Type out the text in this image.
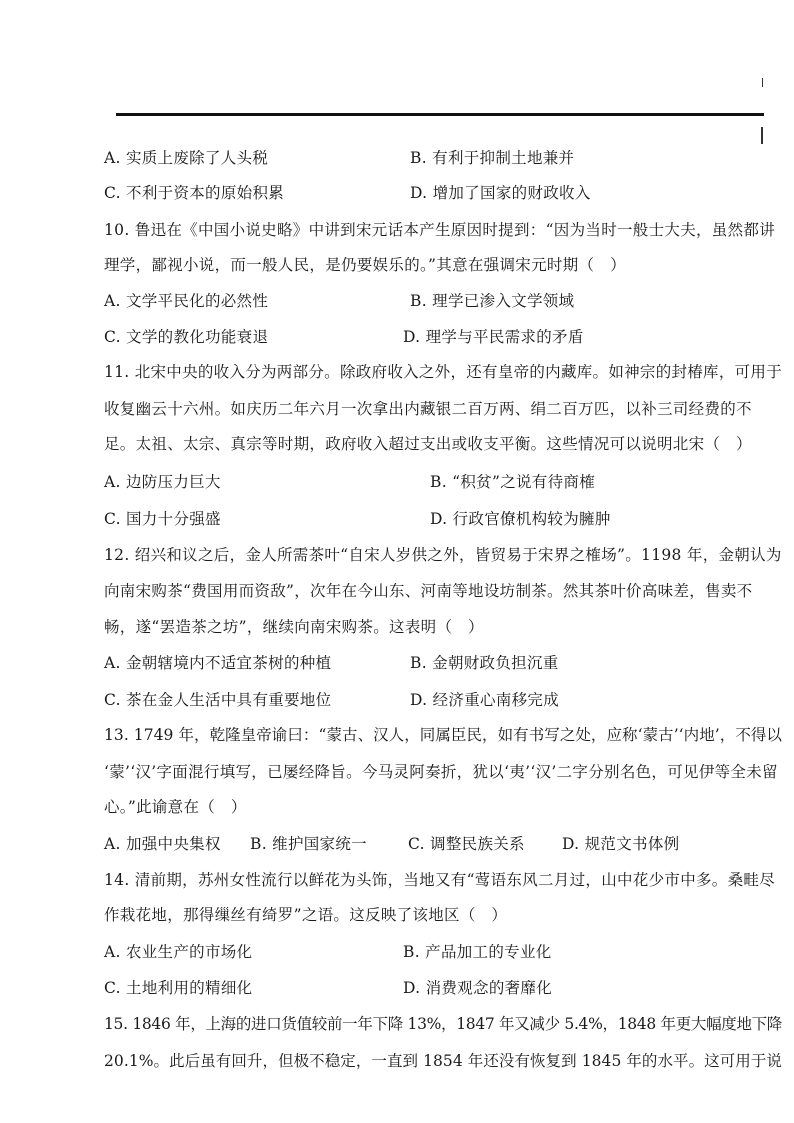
A. 实质上废除了人头税	B. 有利于抑制土地兼并
C. 不利于资本的原始积累	D. 增加了国家的财政收入
10. 鲁迅在《中国小说史略》中讲到宋元话本产生原因时提到：“因为当时一般士大夫，虽然都讲
理学，鄙视小说，而一般人民，是仍要娱乐的。”其意在强调宋元时期（　）
A. 文学平民化的必然性	B. 理学已渗入文学领域
C. 文学的教化功能衰退	D. 理学与平民需求的矛盾
11. 北宋中央的收入分为两部分。除政府收入之外，还有皇帝的内藏库。如神宗的封椿库，可用于
收复幽云十六州。如庆历二年六月一次拿出内藏银二百万两、绢二百万匹，以补三司经费的不
足。太祖、太宗、真宗等时期，政府收入超过支出或收支平衡。这些情况可以说明北宋（　）
A. 边防压力巨大	B. “积贫”之说有待商榷
C. 国力十分强盛	D. 行政官僚机构较为臃肿
12. 绍兴和议之后，金人所需茶叶“自宋人岁供之外，皆贸易于宋界之榷场”。1198 年，金朝认为
向南宋购茶“费国用而资敌”，次年在今山东、河南等地设坊制茶。然其茶叶价高味差，售卖不
畅，遂“罢造茶之坊”，继续向南宋购茶。这表明（　）
A. 金朝辖境内不适宜茶树的种植	B. 金朝财政负担沉重
C. 茶在金人生活中具有重要地位	D. 经济重心南移完成
13. 1749 年，乾隆皇帝谕曰：“蒙古、汉人，同属臣民，如有书写之处，应称‘蒙古’‘内地’，不得以
‘蒙’‘汉’字面混行填写，已屡经降旨。今马灵阿奏折，犹以‘夷’‘汉’二字分别名色，可见伊等全未留
心。”此谕意在（　）
A. 加强中央集权 B. 维护国家统一	C. 调整民族关系 D. 规范文书体例
14. 清前期，苏州女性流行以鲜花为头饰，当地又有“莺语东风二月过，山中花少市中多。桑畦尽
作栽花地，那得缫丝有绮罗”之语。这反映了该地区（　）
A. 农业生产的市场化	B. 产品加工的专业化
C. 土地利用的精细化	D. 消费观念的奢靡化
15. 1846 年，上海的进口货值较前一年下降 13%，1847 年又减少 5.4%，1848 年更大幅度地下降
20.1%。此后虽有回升，但极不稳定，一直到 1854 年还没有恢复到 1845 年的水平。这可用于说
